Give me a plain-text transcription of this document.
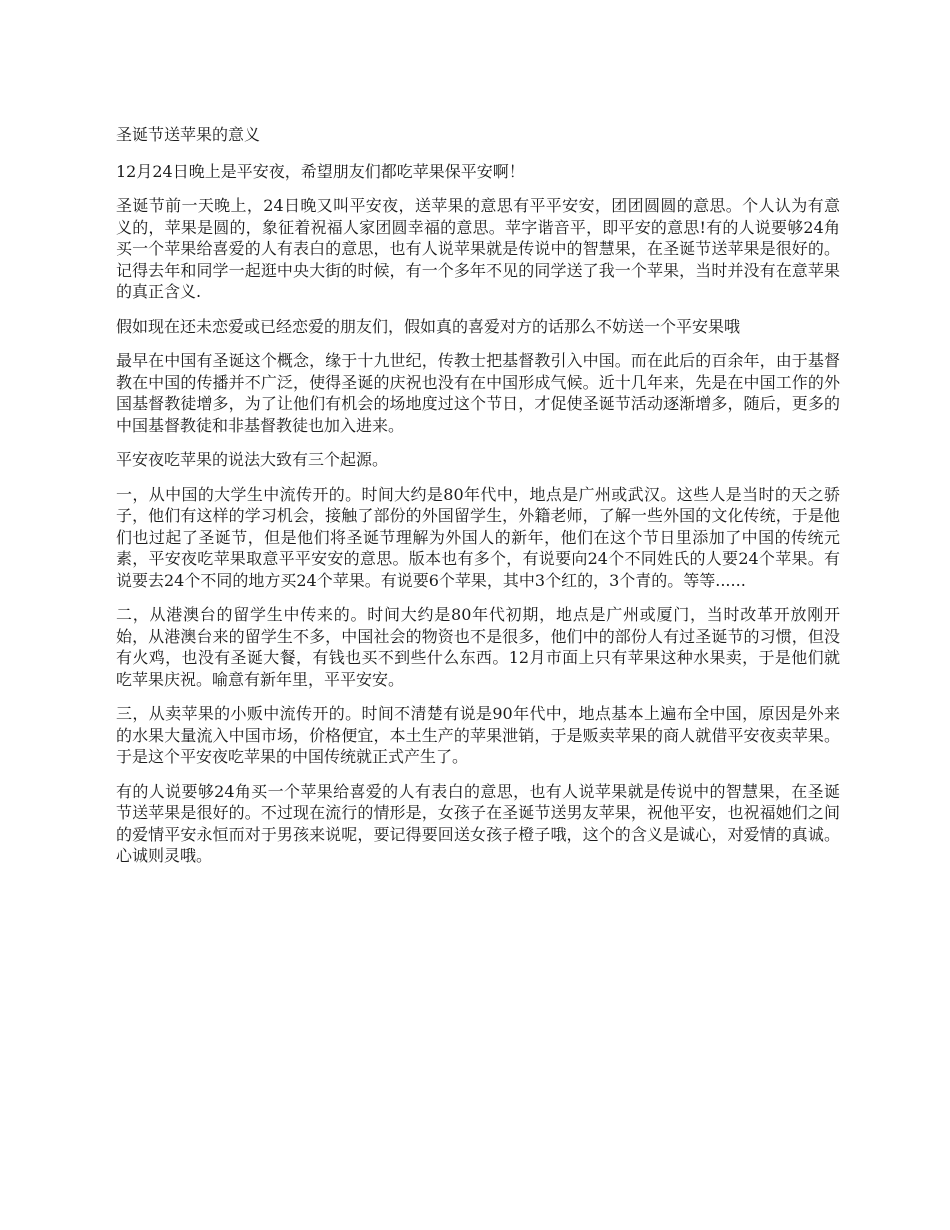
圣诞节送苹果的意义

12月24日晚上是平安夜，希望朋友们都吃苹果保平安啊！

圣诞节前一天晚上，24日晚又叫平安夜，送苹果的意思有平平安安，团团圆圆的意思。个人认为有意义的，苹果是圆的，象征着祝福人家团圆幸福的意思。苹字谐音平，即平安的意思!有的人说要够24角买一个苹果给喜爱的人有表白的意思，也有人说苹果就是传说中的智慧果，在圣诞节送苹果是很好的。记得去年和同学一起逛中央大街的时候，有一个多年不见的同学送了我一个苹果，当时并没有在意苹果的真正含义.

假如现在还未恋爱或已经恋爱的朋友们，假如真的喜爱对方的话那么不妨送一个平安果哦

最早在中国有圣诞这个概念，缘于十九世纪，传教士把基督教引入中国。而在此后的百余年，由于基督教在中国的传播并不广泛，使得圣诞的庆祝也没有在中国形成气候。近十几年来，先是在中国工作的外国基督教徒增多，为了让他们有机会的场地度过这个节日，才促使圣诞节活动逐渐增多，随后，更多的中国基督教徒和非基督教徒也加入进来。

平安夜吃苹果的说法大致有三个起源。

一，从中国的大学生中流传开的。时间大约是80年代中，地点是广州或武汉。这些人是当时的天之骄子，他们有这样的学习机会，接触了部份的外国留学生，外籍老师，了解一些外国的文化传统，于是他们也过起了圣诞节，但是他们将圣诞节理解为外国人的新年，他们在这个节日里添加了中国的传统元素，平安夜吃苹果取意平平安安的意思。版本也有多个，有说要向24个不同姓氏的人要24个苹果。有说要去24个不同的地方买24个苹果。有说要6个苹果，其中3个红的，3个青的。等等......

二，从港澳台的留学生中传来的。时间大约是80年代初期，地点是广州或厦门，当时改革开放刚开始，从港澳台来的留学生不多，中国社会的物资也不是很多，他们中的部份人有过圣诞节的习惯，但没有火鸡，也没有圣诞大餐，有钱也买不到些什么东西。12月市面上只有苹果这种水果卖，于是他们就吃苹果庆祝。喻意有新年里，平平安安。

三，从卖苹果的小贩中流传开的。时间不清楚有说是90年代中，地点基本上遍布全中国，原因是外来的水果大量流入中国市场，价格便宜，本土生产的苹果泄销，于是贩卖苹果的商人就借平安夜卖苹果。于是这个平安夜吃苹果的中国传统就正式产生了。

有的人说要够24角买一个苹果给喜爱的人有表白的意思，也有人说苹果就是传说中的智慧果，在圣诞节送苹果是很好的。不过现在流行的情形是，女孩子在圣诞节送男友苹果，祝他平安，也祝福她们之间的爱情平安永恒而对于男孩来说呢，要记得要回送女孩子橙子哦，这个的含义是诚心，对爱情的真诚。心诚则灵哦。
